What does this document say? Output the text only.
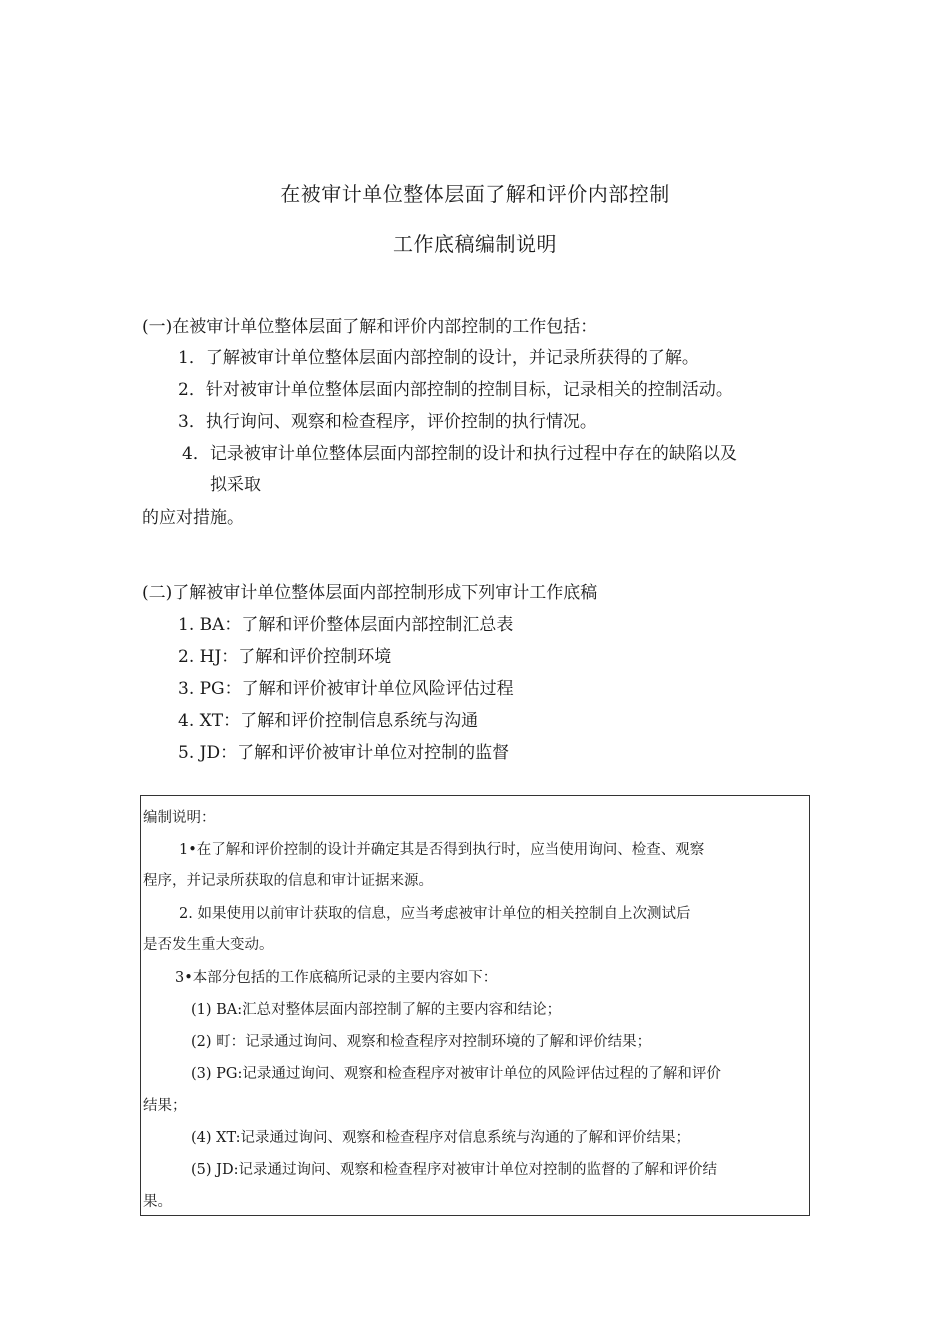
在被审计单位整体层面了解和评价内部控制
工作底稿编制说明
(一)在被审计单位整体层面了解和评价内部控制的工作包括：
1．了解被审计单位整体层面内部控制的设计，并记录所获得的了解。
2．针对被审计单位整体层面内部控制的控制目标，记录相关的控制活动。
3．执行询问、观察和检查程序，评价控制的执行情况。
4．记录被审计单位整体层面内部控制的设计和执行过程中存在的缺陷以及
拟采取
的应对措施。
(二)了解被审计单位整体层面内部控制形成下列审计工作底稿
1. BA：了解和评价整体层面内部控制汇总表
2. HJ：了解和评价控制环境
3. PG：了解和评价被审计单位风险评估过程
4. XT：了解和评价控制信息系统与沟通
5. JD：了解和评价被审计单位对控制的监督
编制说明：
1•在了解和评价控制的设计并确定其是否得到执行时，应当使用询问、检查、观察
程序，并记录所获取的信息和审计证据来源。
2. 如果使用以前审计获取的信息，应当考虑被审计单位的相关控制自上次测试后
是否发生重大变动。
3•本部分包括的工作底稿所记录的主要内容如下：
(1) BA:汇总对整体层面内部控制了解的主要内容和结论；
(2) 町：记录通过询问、观察和检查程序对控制环境的了解和评价结果；
(3) PG:记录通过询问、观察和检查程序对被审计单位的风险评估过程的了解和评价
结果；
(4) XT:记录通过询问、观察和检查程序对信息系统与沟通的了解和评价结果；
(5) JD:记录通过询问、观察和检查程序对被审计单位对控制的监督的了解和评价结
果。
